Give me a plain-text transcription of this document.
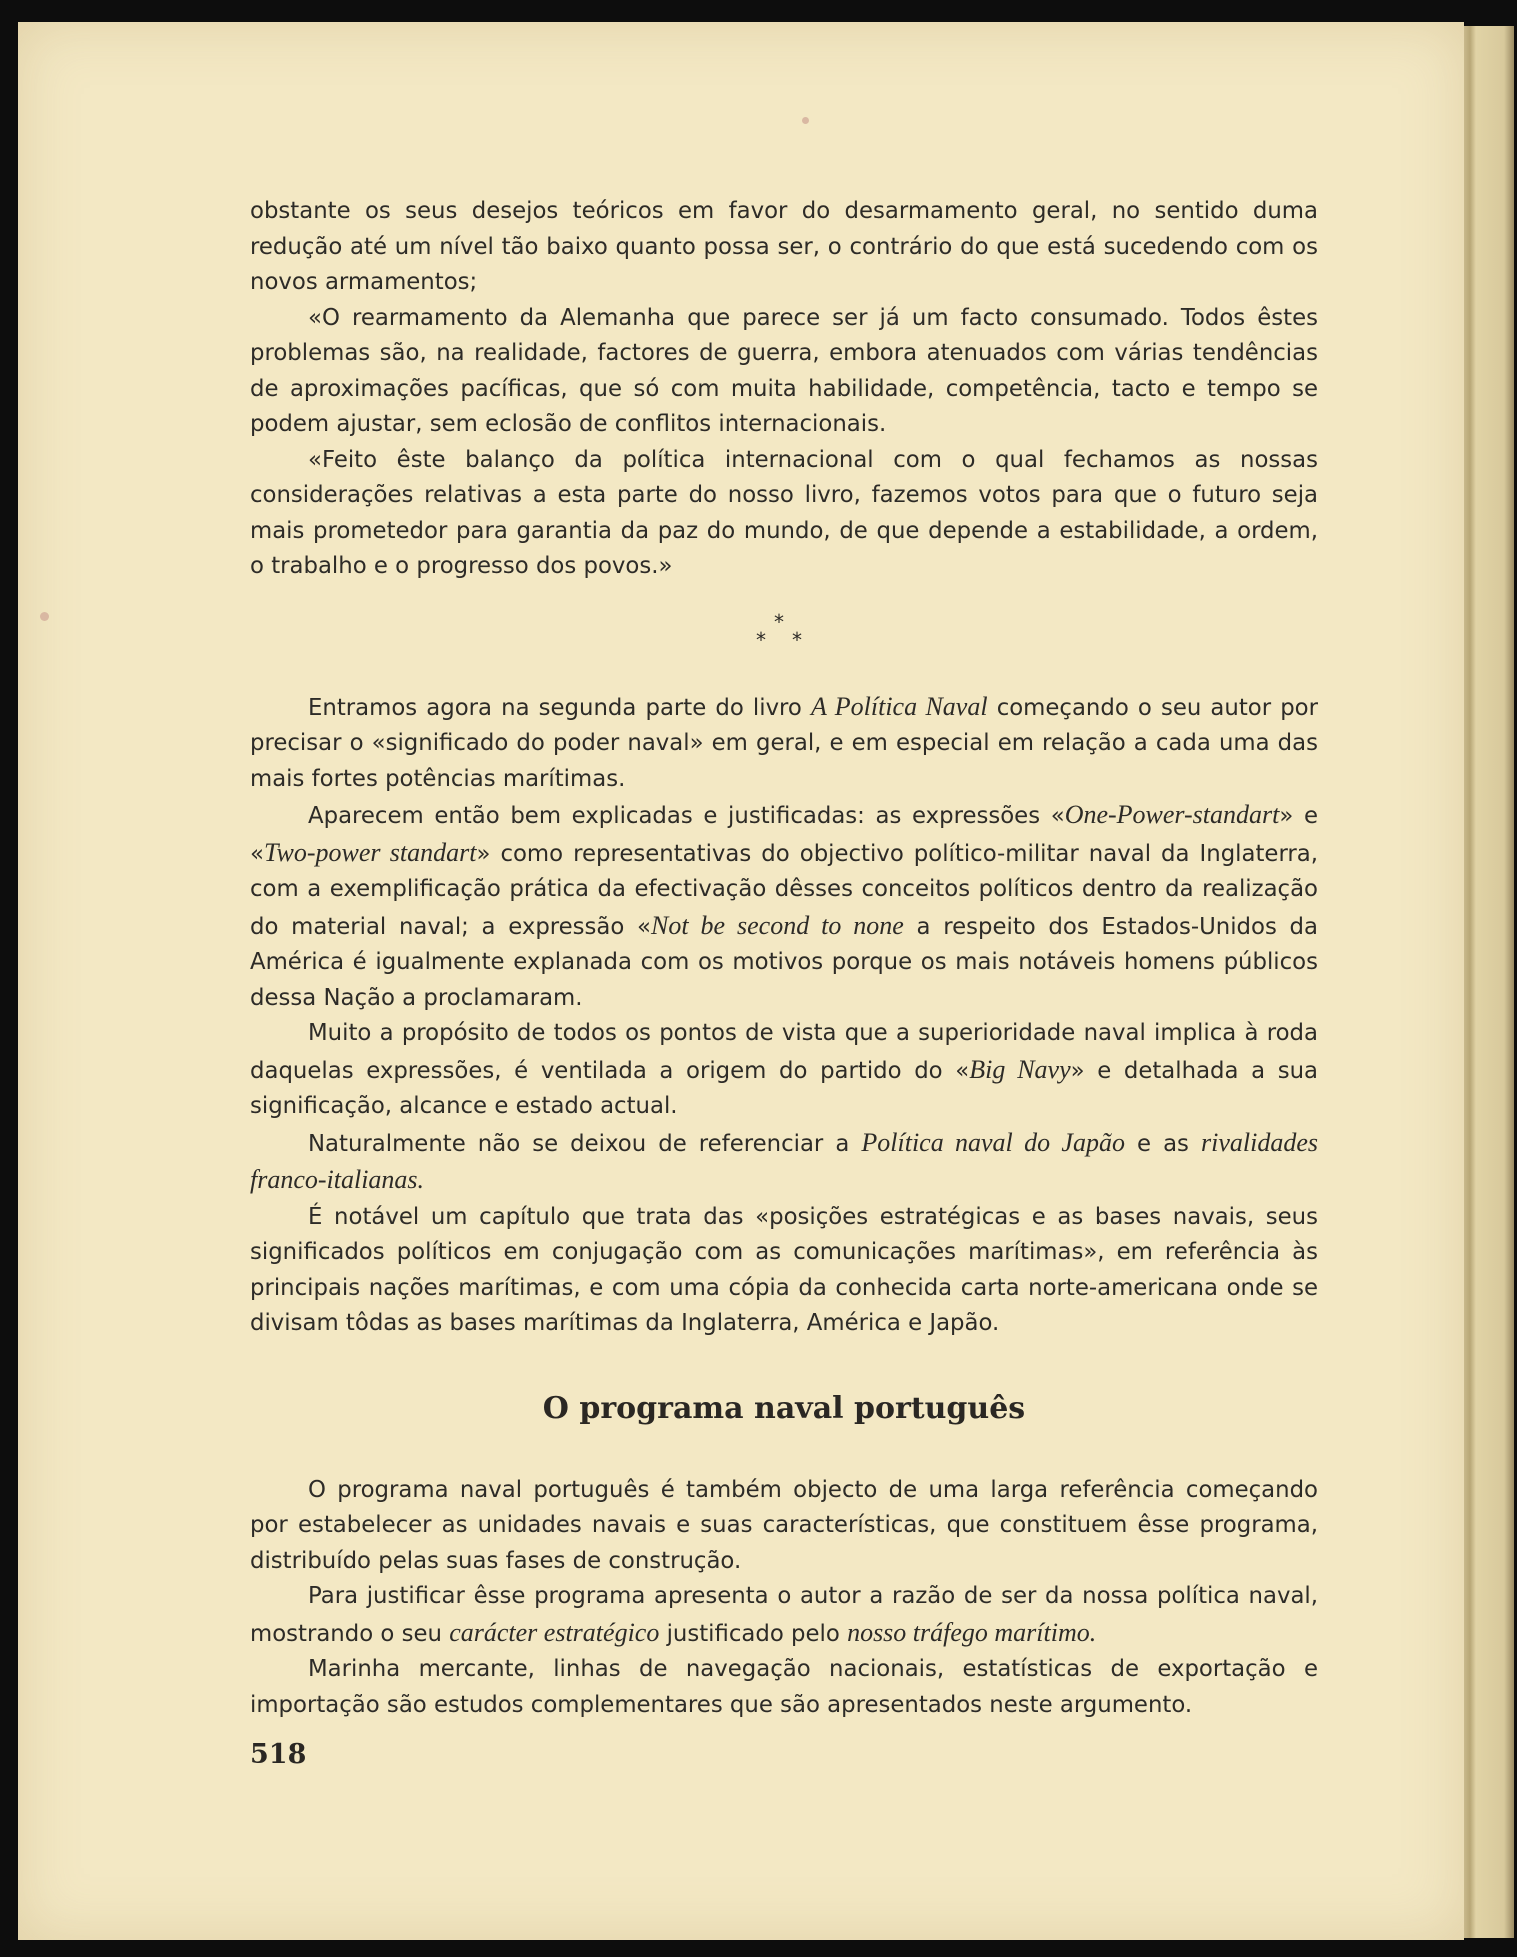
obstante os seus desejos teóricos em favor do desarmamento geral, no sentido duma redução até um nível tão baixo quanto possa ser, o contrário do que está sucedendo com os novos armamentos;

«O rearmamento da Alemanha que parece ser já um facto consumado. Todos êstes problemas são, na realidade, factores de guerra, embora atenuados com várias tendências de aproximações pacíficas, que só com muita habilidade, competência, tacto e tempo se podem ajustar, sem eclosão de conflitos internacionais.

«Feito êste balanço da política internacional com o qual fechamos as nossas considerações relativas a esta parte do nosso livro, fazemos votos para que o futuro seja mais prometedor para garantia da paz do mundo, de que depende a estabilidade, a ordem, o trabalho e o progresso dos povos.»

*
* *

Entramos agora na segunda parte do livro A Política Naval começando o seu autor por precisar o «significado do poder naval» em geral, e em especial em relação a cada uma das mais fortes potências marítimas.

Aparecem então bem explicadas e justificadas: as expressões «One-Power-standart» e «Two-power standart» como representativas do objectivo político-militar naval da Inglaterra, com a exemplificação prática da efectivação dêsses conceitos políticos dentro da realização do material naval; a expressão «Not be second to none a respeito dos Estados-Unidos da América é igualmente explanada com os motivos porque os mais notáveis homens públicos dessa Nação a proclamaram.

Muito a propósito de todos os pontos de vista que a superioridade naval implica à roda daquelas expressões, é ventilada a origem do partido do «Big Navy» e detalhada a sua significação, alcance e estado actual.

Naturalmente não se deixou de referenciar a Política naval do Japão e as rivalidades franco-italianas.

É notável um capítulo que trata das «posições estratégicas e as bases navais, seus significados políticos em conjugação com as comunicações marítimas», em referência às principais nações marítimas, e com uma cópia da conhecida carta norte-americana onde se divisam tôdas as bases marítimas da Inglaterra, América e Japão.

O programa naval português

O programa naval português é também objecto de uma larga referência começando por estabelecer as unidades navais e suas características, que constituem êsse programa, distribuído pelas suas fases de construção.

Para justificar êsse programa apresenta o autor a razão de ser da nossa política naval, mostrando o seu carácter estratégico justificado pelo nosso tráfego marítimo.

Marinha mercante, linhas de navegação nacionais, estatísticas de exportação e importação são estudos complementares que são apresentados neste argumento.

518
